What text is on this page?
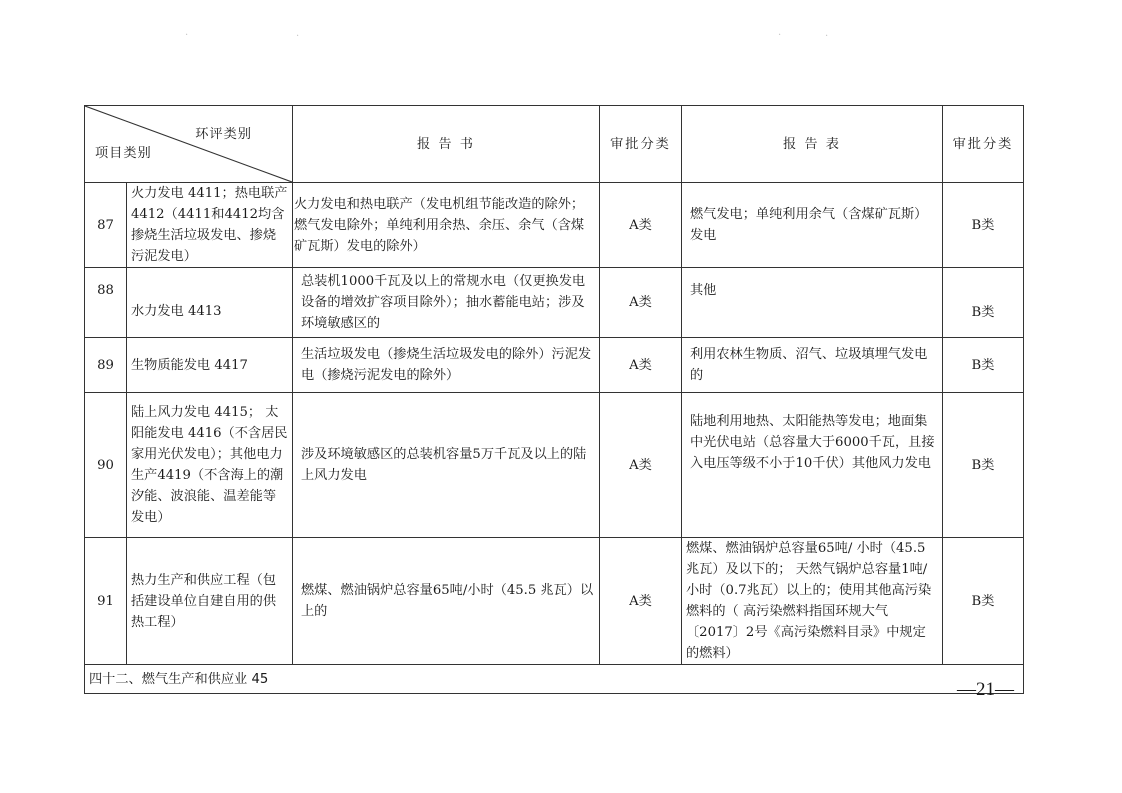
·	·	·	·
环评类别
项目类别		报 告 书	审批分类	报 告 表	审批分类
87	火力发电 4411；热电联产 4412（4411和4412均含掺烧生活垃圾发电、掺烧污泥发电）	火力发电和热电联产（发电机组节能改造的除外；燃气发电除外；单纯利用余热、余压、余气（含煤矿瓦斯）发电的除外）	A类	燃气发电；单纯利用余气（含煤矿瓦斯）发电	B类
88	水力发电 4413	总装机1000千瓦及以上的常规水电（仅更换发电设备的增效扩容项目除外）；抽水蓄能电站；涉及环境敏感区的	A类	其他	B类
89	生物质能发电 4417	生活垃圾发电（掺烧生活垃圾发电的除外）污泥发电（掺烧污泥发电的除外）	A类	利用农林生物质、沼气、垃圾填埋气发电的	B类
90	陆上风力发电 4415； 太阳能发电 4416（不含居民家用光伏发电）；其他电力生产4419（不含海上的潮汐能、波浪能、温差能等发电）	涉及环境敏感区的总装机容量5万千瓦及以上的陆上风力发电	A类	陆地利用地热、太阳能热等发电；地面集中光伏电站（总容量大于6000千瓦，且接入电压等级不小于10千伏）其他风力发电	B类
91	热力生产和供应工程（包括建设单位自建自用的供热工程）	燃煤、燃油锅炉总容量65吨/小时（45.5 兆瓦）以上的	A类	燃煤、燃油锅炉总容量65吨/ 小时（45.5兆瓦）及以下的； 天然气锅炉总容量1吨/小时（0.7兆瓦）以上的；使用其他高污染燃料的（ 高污染燃料指国环规大气〔2017〕2号《高污染燃料目录》中规定的燃料）	B类
四十二、燃气生产和供应业 45						—21—
